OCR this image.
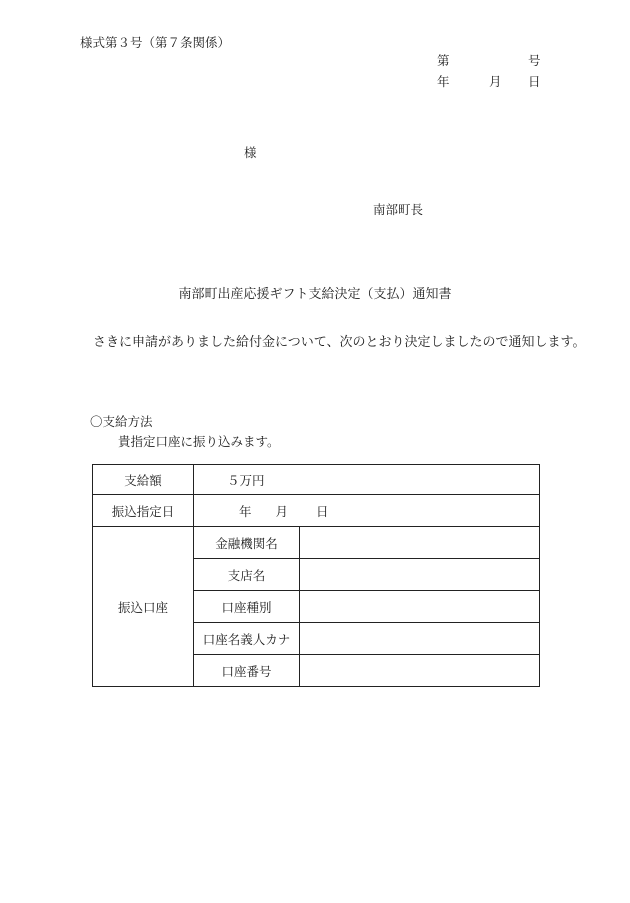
様式第３号（第７条関係）
第	号
年	月 日
様
南部町長
南部町出産応援ギフト支給決定（支払）通知書
さきに申請がありました給付金について、次のとおり決定しましたので通知します。
〇支給方法
貴指定口座に振り込みます。
支給額	５万円	
振込指定日	年 月 日	
振込口座	金融機関名	
	支店名	
	口座種別	
	口座名義人カナ	
	口座番号	
